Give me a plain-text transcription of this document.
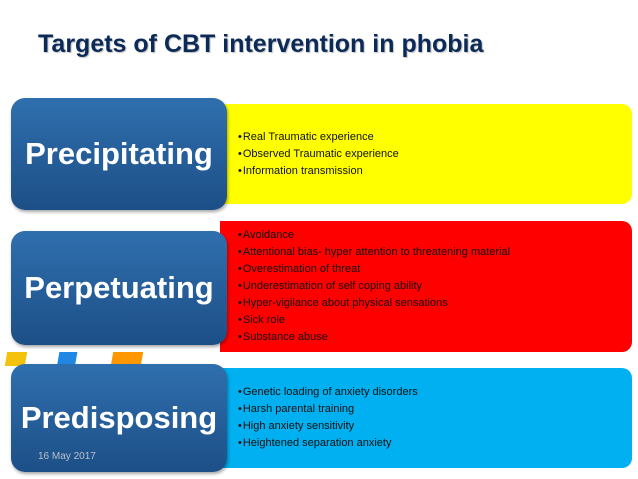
Targets of CBT intervention in phobia
• Real Traumatic experience
• Observed Traumatic experience
• Information transmission
Precipitating
• Avoidance
• Attentional bias- hyper attention to threatening material
• Overestimation of threat
• Underestimation of self coping ability
• Hyper-vigilance about physical sensations
• Sick role
• Substance abuse
Perpetuating
• Genetic loading of anxiety disorders
• Harsh parental training
• High anxiety sensitivity
• Heightened separation anxiety
Predisposing
16 May 2017
